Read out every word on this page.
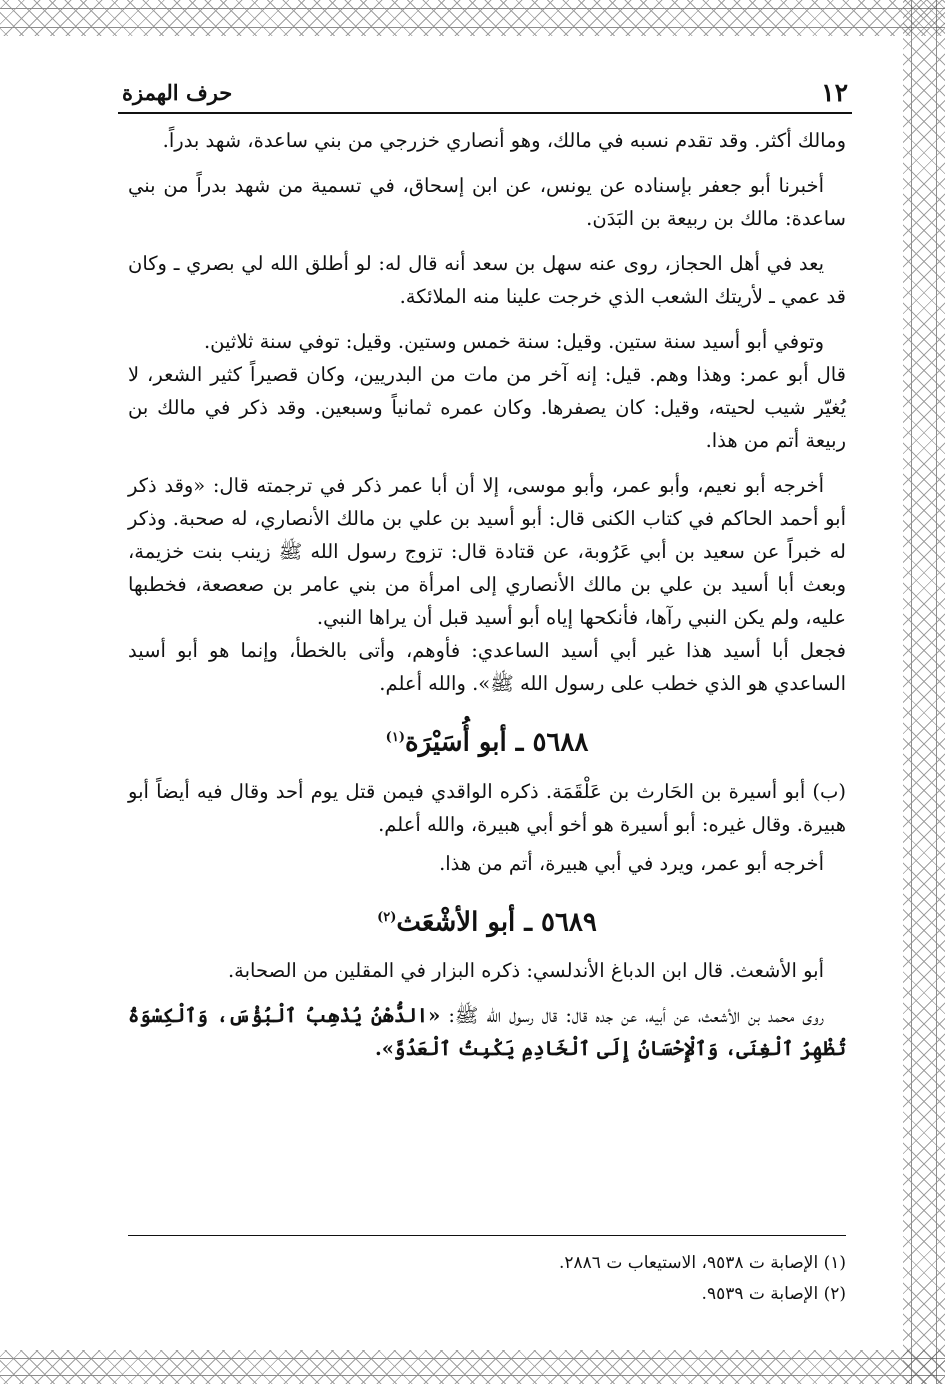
١٢
حرف الهمزة

ومالك أكثر. وقد تقدم نسبه في مالك، وهو أنصاري خزرجي من بني ساعدة، شهد بدراً.

أخبرنا أبو جعفر بإسناده عن يونس، عن ابن إسحاق، في تسمية من شهد بدراً من بني ساعدة: مالك بن ربيعة بن البَدَن.

يعد في أهل الحجاز، روى عنه سهل بن سعد أنه قال له: لو أطلق الله لي بصري ـ وكان قد عمي ـ لأريتك الشعب الذي خرجت علينا منه الملائكة.

وتوفي أبو أسيد سنة ستين. وقيل: سنة خمس وستين. وقيل: توفي سنة ثلاثين.

قال أبو عمر: وهذا وهم. قيل: إنه آخر من مات من البدريين، وكان قصيراً كثير الشعر، لا يُغيّر شيب لحيته، وقيل: كان يصفرها. وكان عمره ثمانياً وسبعين. وقد ذكر في مالك بن ربيعة أتم من هذا.

أخرجه أبو نعيم، وأبو عمر، وأبو موسى، إلا أن أبا عمر ذكر في ترجمته قال: «وقد ذكر أبو أحمد الحاكم في كتاب الكنى قال: أبو أسيد بن علي بن مالك الأنصاري، له صحبة. وذكر له خبراً عن سعيد بن أبي عَرُوبة، عن قتادة قال: تزوج رسول الله ﷺ زينب بنت خزيمة، وبعث أبا أسيد بن علي بن مالك الأنصاري إلى امرأة من بني عامر بن صعصعة، فخطبها عليه، ولم يكن النبي رآها، فأنكحها إياه أبو أسيد قبل أن يراها النبي.

فجعل أبا أسيد هذا غير أبي أسيد الساعدي: فأوهم، وأتى بالخطأ، وإنما هو أبو أسيد الساعدي هو الذي خطب على رسول الله ﷺ». والله أعلم.

٥٦٨٨ ـ أبو أُسَيْرَة$^{(١)}$

(ب) أبو أسيرة بن الحَارث بن عَلْقَمَة. ذكره الواقدي فيمن قتل يوم أحد وقال فيه أيضاً أبو هبيرة. وقال غيره: أبو أسيرة هو أخو أبي هبيرة، والله أعلم.

أخرجه أبو عمر، ويرد في أبي هبيرة، أتم من هذا.

٥٦٨٩ ـ أبو الأشْعَث$^{(٢)}$

أبو الأشعث. قال ابن الدباغ الأندلسي: ذكره البزار في المقلين من الصحابة.

روى محمد بن الأشعث، عن أبيه، عن جده قال: قال رسول الله ﷺ: «الدُّهْنُ يُذْهِبُ ٱلْبُؤْسَ، وَٱلْكِسْوَةُ تُظْهِرُ ٱلْغِنَى، وَٱلْإِحْسَانُ إِلَى ٱلْخَادِمِ يَكْبِتُ ٱلْعَدُوَّ».

(١) الإصابة ت ٩٥٣٨، الاستيعاب ت ٢٨٨٦.

(٢) الإصابة ت ٩٥٣٩.
